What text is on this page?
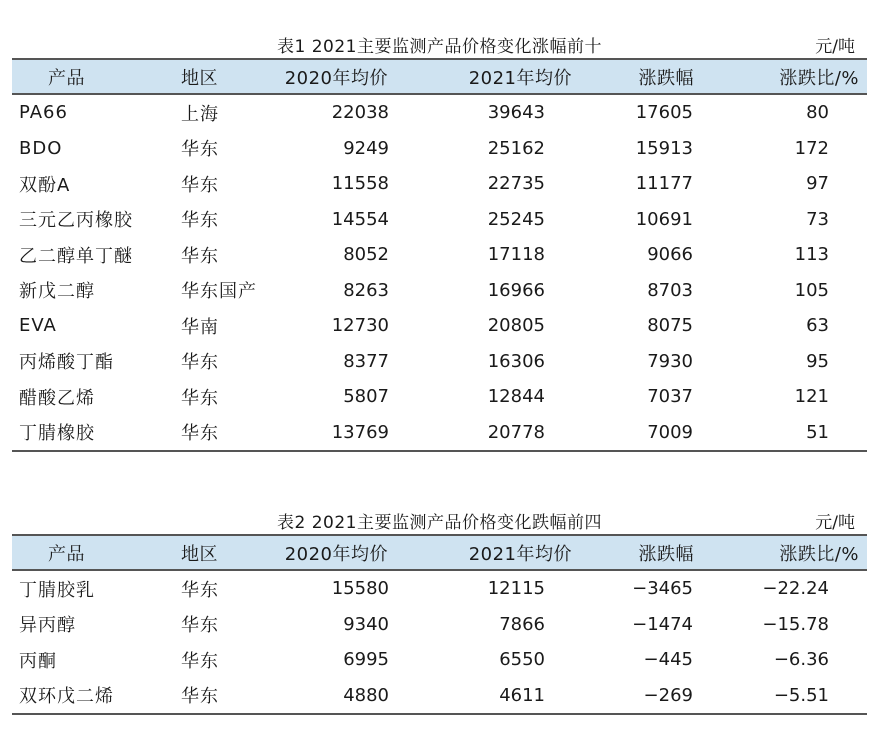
表1 2021主要监测产品价格变化涨幅前十	元/吨
产品	地区	2020年均价	2021年均价	涨跌幅	涨跌比/%
PA66	上海	22038	39643	17605	80
BDO	华东	9249	25162	15913	172
双酚A	华东	11558	22735	11177	97
三元乙丙橡胶	华东	14554	25245	10691	73
乙二醇单丁醚	华东	8052	17118	9066	113
新戊二醇	华东国产	8263	16966	8703	105
EVA	华南	12730	20805	8075	63
丙烯酸丁酯	华东	8377	16306	7930	95
醋酸乙烯	华东	5807	12844	7037	121
丁腈橡胶	华东	13769	20778	7009	51
表2 2021主要监测产品价格变化跌幅前四	元/吨
产品	地区	2020年均价	2021年均价	涨跌幅	涨跌比/%
丁腈胶乳	华东	15580	12115	−3465	−22.24
异丙醇	华东	9340	7866	−1474	−15.78
丙酮	华东	6995	6550	−445	−6.36
双环戊二烯	华东	4880	4611	−269	−5.51
